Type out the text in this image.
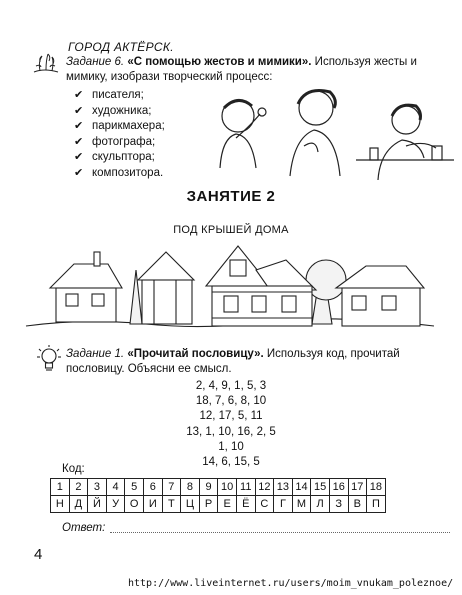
ГОРОД АКТЁРСК.
Задание 6. «С помощью жестов и мимики». Используя жесты и мимику, изобрази творческий процесс:
✔ писателя;
✔ художника;
✔ парикмахера;
✔ фотографа;
✔ скульптора;
✔ композитора.
ЗАНЯТИЕ 2
ПОД КРЫШЕЙ ДОМА
Задание 1. «Прочитай пословицу». Используя код, прочитай пословицу. Объясни ее смысл.
2, 4, 9, 1, 5, 3
18, 7, 6, 8, 10
12, 17, 5, 11
13, 1, 10, 16, 2, 5
1, 10
14, 6, 15, 5
Код:
1	2	3	4	5	6	7	8	9	10	11	12	13	14	15	16	17	18
Н	Д	Й	У	О	И	Т	Ц	Р	Е	Ё	С	Г	М	Л	З	В	П
Ответ:
4
http://www.liveinternet.ru/users/moim_vnukam_poleznoe/
